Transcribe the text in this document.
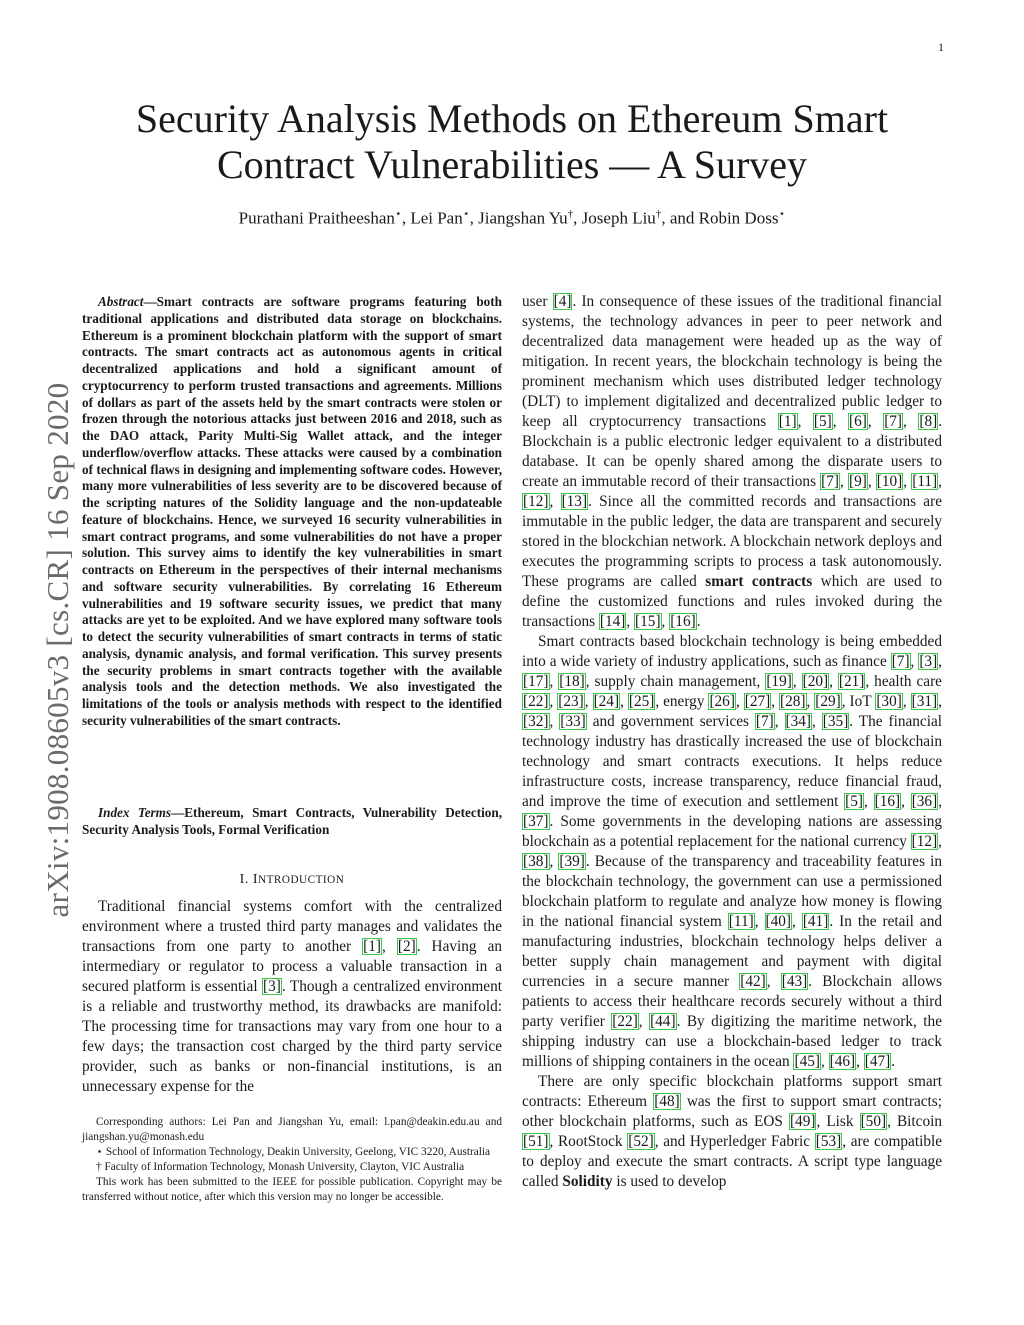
1
arXiv:1908.08605v3 [cs.CR] 16 Sep 2020
Security Analysis Methods on Ethereum Smart
Contract Vulnerabilities — A Survey
Purathani Praitheeshan⋆, Lei Pan⋆, Jiangshan Yu†, Joseph Liu†, and Robin Doss⋆

Abstract—Smart contracts are software programs featuring both traditional applications and distributed data storage on blockchains. Ethereum is a prominent blockchain platform with the support of smart contracts. The smart contracts act as autonomous agents in critical decentralized applications and hold a significant amount of cryptocurrency to perform trusted transactions and agreements. Millions of dollars as part of the assets held by the smart contracts were stolen or frozen through the notorious attacks just between 2016 and 2018, such as the DAO attack, Parity Multi-Sig Wallet attack, and the integer underflow/overflow attacks. These attacks were caused by a combination of technical flaws in designing and implementing software codes. However, many more vulnerabilities of less severity are to be discovered because of the scripting natures of the Solidity language and the non-updateable feature of blockchains. Hence, we surveyed 16 security vulnerabilities in smart contract programs, and some vulnerabilities do not have a proper solution. This survey aims to identify the key vulnerabilities in smart contracts on Ethereum in the perspectives of their internal mechanisms and software security vulnerabilities. By correlating 16 Ethereum vulnerabilities and 19 software security issues, we predict that many attacks are yet to be exploited. And we have explored many software tools to detect the security vulnerabilities of smart contracts in terms of static analysis, dynamic analysis, and formal verification. This survey presents the security problems in smart contracts together with the available analysis tools and the detection methods. We also investigated the limitations of the tools or analysis methods with respect to the identified security vulnerabilities of the smart contracts.

Index Terms—Ethereum, Smart Contracts, Vulnerability Detection, Security Analysis Tools, Formal Verification

I. INTRODUCTION

Traditional financial systems comfort with the centralized environment where a trusted third party manages and validates the transactions from one party to another [1], [2]. Having an intermediary or regulator to process a valuable transaction in a secured platform is essential [3]. Though a centralized environment is a reliable and trustworthy method, its drawbacks are manifold: The processing time for transactions may vary from one hour to a few days; the transaction cost charged by the third party service provider, such as banks or non-financial institutions, is an unnecessary expense for the

Corresponding authors: Lei Pan and Jiangshan Yu, email: l.pan@deakin.edu.au and jiangshan.yu@monash.edu

⋆ School of Information Technology, Deakin University, Geelong, VIC 3220, Australia

† Faculty of Information Technology, Monash University, Clayton, VIC Australia

This work has been submitted to the IEEE for possible publication. Copyright may be transferred without notice, after which this version may no longer be accessible.

user [4]. In consequence of these issues of the traditional financial systems, the technology advances in peer to peer network and decentralized data management were headed up as the way of mitigation. In recent years, the blockchain technology is being the prominent mechanism which uses distributed ledger technology (DLT) to implement digitalized and decentralized public ledger to keep all cryptocurrency transactions [1], [5], [6], [7], [8]. Blockchain is a public electronic ledger equivalent to a distributed database. It can be openly shared among the disparate users to create an immutable record of their transactions [7], [9], [10], [11], [12], [13]. Since all the committed records and transactions are immutable in the public ledger, the data are transparent and securely stored in the blockchian network. A blockchain network deploys and executes the programming scripts to process a task autonomously. These programs are called smart contracts which are used to define the customized functions and rules invoked during the transactions [14], [15], [16].

Smart contracts based blockchain technology is being embedded into a wide variety of industry applications, such as finance [7], [3], [17], [18], supply chain management, [19], [20], [21], health care [22], [23], [24], [25], energy [26], [27], [28], [29], IoT [30], [31], [32], [33] and government services [7], [34], [35]. The financial technology industry has drastically increased the use of blockchain technology and smart contracts executions. It helps reduce infrastructure costs, increase transparency, reduce financial fraud, and improve the time of execution and settlement [5], [16], [36], [37]. Some governments in the developing nations are assessing blockchain as a potential replacement for the national currency [12], [38], [39]. Because of the transparency and traceability features in the blockchain technology, the government can use a permissioned blockchain platform to regulate and analyze how money is flowing in the national financial system [11], [40], [41]. In the retail and manufacturing industries, blockchain technology helps deliver a better supply chain management and payment with digital currencies in a secure manner [42], [43]. Blockchain allows patients to access their healthcare records securely without a third party verifier [22], [44]. By digitizing the maritime network, the shipping industry can use a blockchain-based ledger to track millions of shipping containers in the ocean [45], [46], [47].

There are only specific blockchain platforms support smart contracts: Ethereum [48] was the first to support smart contracts; other blockchain platforms, such as EOS [49], Lisk [50], Bitcoin [51], RootStock [52], and Hyperledger Fabric [53], are compatible to deploy and execute the smart contracts. A script type language called Solidity is used to develop
